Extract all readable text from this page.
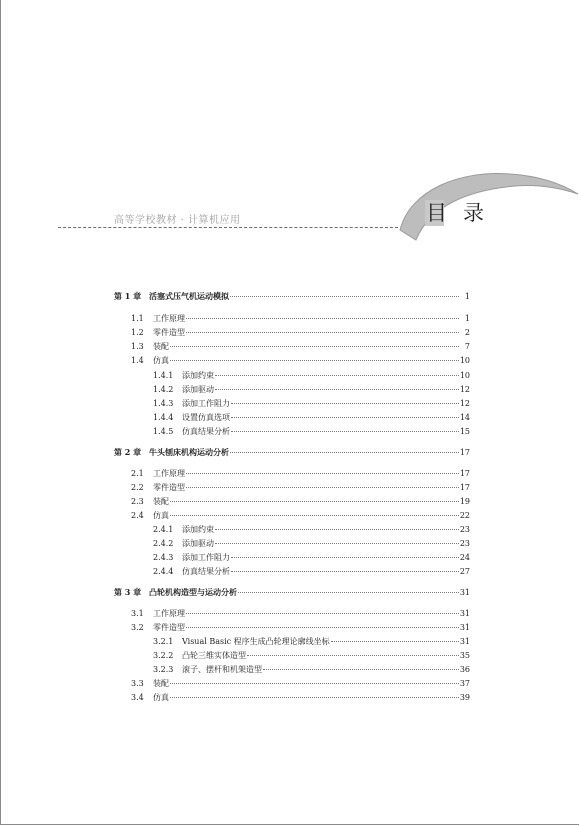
高等学校教材 · 计算机应用	目 录
第 1 章 活塞式压气机运动模拟	1
1.1	工作原理	1
1.2	零件造型	2
1.3	装配	7
1.4	仿真	10
1.4.1	添加约束	10
1.4.2	添加驱动	12
1.4.3	添加工作阻力	12
1.4.4	设置仿真选项	14
1.4.5	仿真结果分析	15
第 2 章 牛头刨床机构运动分析	17
2.1	工作原理	17
2.2	零件造型	17
2.3	装配	19
2.4	仿真	22
2.4.1	添加约束	23
2.4.2	添加驱动	23
2.4.3	添加工作阻力	24
2.4.4	仿真结果分析	27
第 3 章 凸轮机构造型与运动分析	31
3.1	工作原理	31
3.2	零件造型	31
3.2.1	Visual Basic 程序生成凸轮理论廓线坐标	31
3.2.2	凸轮三维实体造型	35
3.2.3	滚子、摆杆和机架造型	36
3.3	装配	37
3.4	仿真	39
